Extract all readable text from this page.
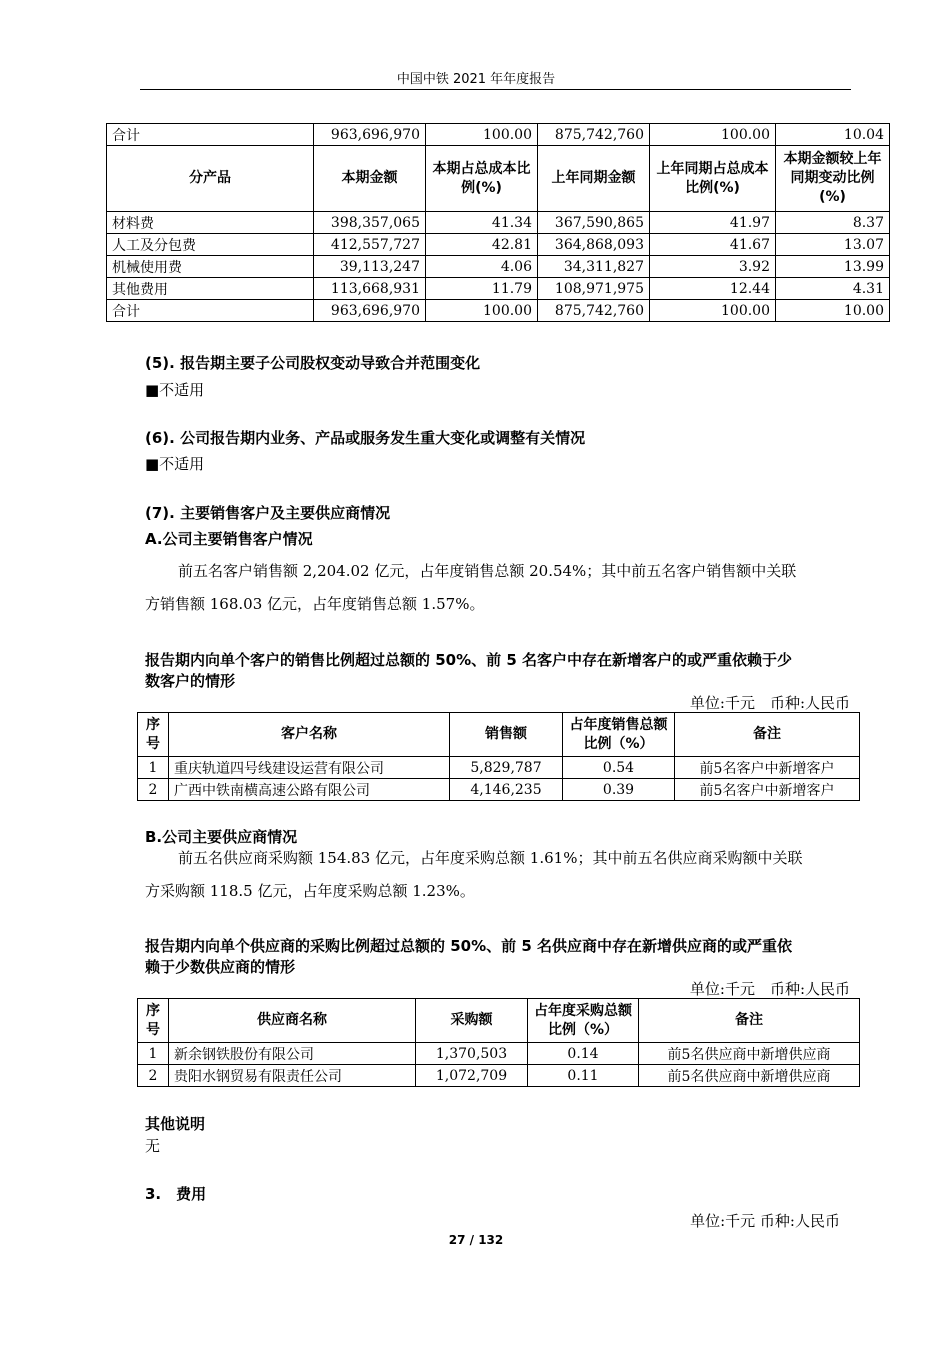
中国中铁 2021 年年度报告
合计	963,696,970	100.00	875,742,760	100.00	10.04
分产品	本期金额	本期占总成本比例(%)	上年同期金额	上年同期占总成本比例(%)	本期金额较上年同期变动比例(%)
材料费	398,357,065	41.34	367,590,865	41.97	8.37
人工及分包费	412,557,727	42.81	364,868,093	41.67	13.07
机械使用费	39,113,247	4.06	34,311,827	3.92	13.99
其他费用	113,668,931	11.79	108,971,975	12.44	4.31
合计	963,696,970	100.00	875,742,760	100.00	10.00
(5). 报告期主要子公司股权变动导致合并范围变化
■不适用
(6). 公司报告期内业务、产品或服务发生重大变化或调整有关情况
■不适用
(7). 主要销售客户及主要供应商情况
A.公司主要销售客户情况
前五名客户销售额 2,204.02 亿元，占年度销售总额 20.54%；其中前五名客户销售额中关联
方销售额 168.03 亿元，占年度销售总额 1.57%。
报告期内向单个客户的销售比例超过总额的 50%、前 5 名客户中存在新增客户的或严重依赖于少
数客户的情形
单位:千元　币种:人民币
序号	客户名称	销售额	占年度销售总额比例（%）	备注
1	重庆轨道四号线建设运营有限公司	5,829,787	0.54	前5名客户中新增客户
2	广西中铁南横高速公路有限公司	4,146,235	0.39	前5名客户中新增客户
B.公司主要供应商情况
前五名供应商采购额 154.83 亿元，占年度采购总额 1.61%；其中前五名供应商采购额中关联
方采购额 118.5 亿元，占年度采购总额 1.23%。
报告期内向单个供应商的采购比例超过总额的 50%、前 5 名供应商中存在新增供应商的或严重依
赖于少数供应商的情形
单位:千元　币种:人民币
序号	供应商名称	采购额	占年度采购总额比例（%）	备注
1	新余钢铁股份有限公司	1,370,503	0.14	前5名供应商中新增供应商
2	贵阳水钢贸易有限责任公司	1,072,709	0.11	前5名供应商中新增供应商
其他说明
无
3.　费用
单位:千元 币种:人民币
27 / 132
